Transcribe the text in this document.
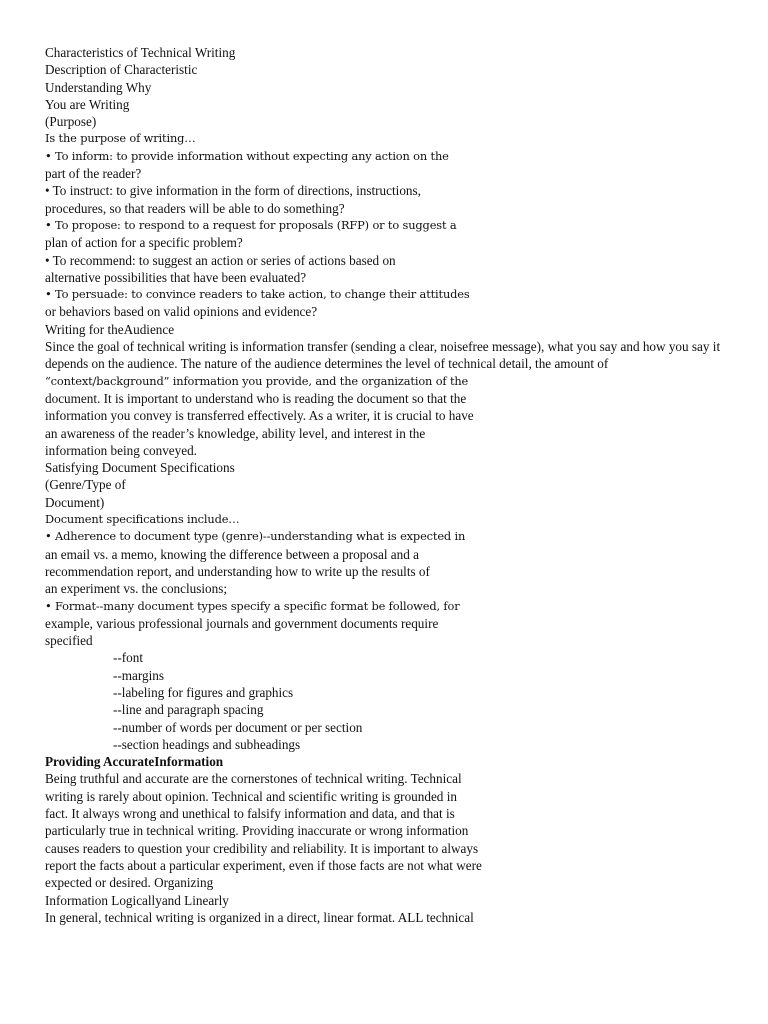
Characteristics of Technical Writing
Description of Characteristic
Understanding Why
You are Writing
(Purpose)
Is the purpose of writing…
• To inform: to provide information without expecting any action on the
part of the reader?
• To instruct: to give information in the form of directions, instructions,
procedures, so that readers will be able to do something?
• To propose: to respond to a request for proposals (RFP) or to suggest a
plan of action for a specific problem?
• To recommend: to suggest an action or series of actions based on
alternative possibilities that have been evaluated?
• To persuade: to convince readers to take action, to change their attitudes
or behaviors based on valid opinions and evidence?
Writing for theAudience
Since the goal of technical writing is information transfer (sending a clear, noisefree message), what you say and how you say it depends on the audience. The nature of the audience determines the level of technical detail, the amount of
“context/background” information you provide, and the organization of the
document. It is important to understand who is reading the document so that the
information you convey is transferred effectively. As a writer, it is crucial to have
an awareness of the reader’s knowledge, ability level, and interest in the
information being conveyed.
Satisfying Document Specifications
(Genre/Type of
Document)
Document specifications include…
• Adherence to document type (genre)--understanding what is expected in
an email vs. a memo, knowing the difference between a proposal and a
recommendation report, and understanding how to write up the results of
an experiment vs. the conclusions;
• Format--many document types specify a specific format be followed, for
example, various professional journals and government documents require
specified
--font
--margins
--labeling for figures and graphics
--line and paragraph spacing
--number of words per document or per section
--section headings and subheadings
Providing AccurateInformation
Being truthful and accurate are the cornerstones of technical writing. Technical
writing is rarely about opinion. Technical and scientific writing is grounded in
fact. It always wrong and unethical to falsify information and data, and that is
particularly true in technical writing. Providing inaccurate or wrong information
causes readers to question your credibility and reliability. It is important to always
report the facts about a particular experiment, even if those facts are not what were
expected or desired. Organizing
Information Logicallyand Linearly
In general, technical writing is organized in a direct, linear format. ALL technical
